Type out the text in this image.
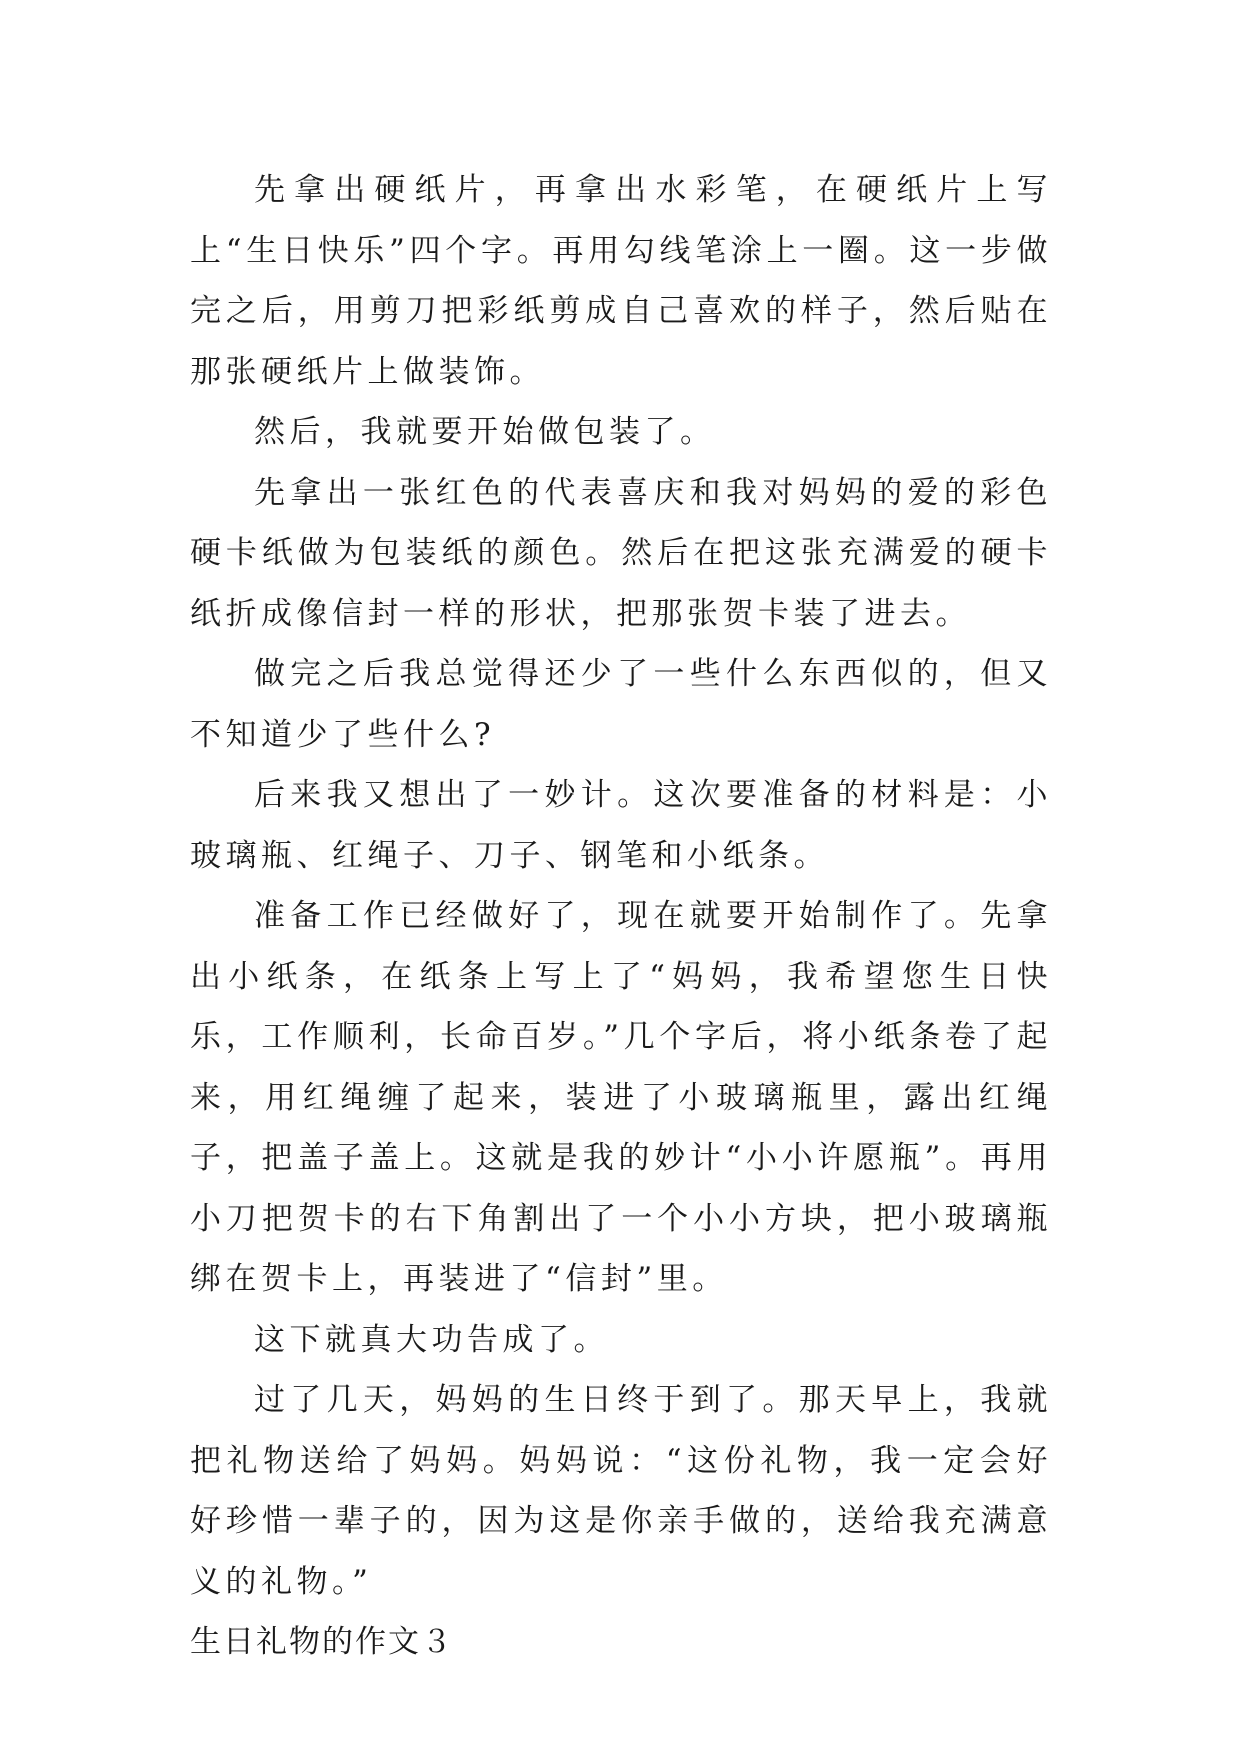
先拿出硬纸片，再拿出水彩笔，在硬纸片上写上“生日快乐”四个字。再用勾线笔涂上一圈。这一步做完之后，用剪刀把彩纸剪成自己喜欢的样子，然后贴在那张硬纸片上做装饰。

然后，我就要开始做包装了。

先拿出一张红色的代表喜庆和我对妈妈的爱的彩色硬卡纸做为包装纸的颜色。然后在把这张充满爱的硬卡纸折成像信封一样的形状，把那张贺卡装了进去。

做完之后我总觉得还少了一些什么东西似的，但又不知道少了些什么?

后来我又想出了一妙计。这次要准备的材料是：小玻璃瓶、红绳子、刀子、钢笔和小纸条。

准备工作已经做好了，现在就要开始制作了。先拿出小纸条，在纸条上写上了“妈妈，我希望您生日快乐，工作顺利，长命百岁。”几个字后，将小纸条卷了起来，用红绳缠了起来，装进了小玻璃瓶里，露出红绳子，把盖子盖上。这就是我的妙计“小小许愿瓶”。再用小刀把贺卡的右下角割出了一个小小方块，把小玻璃瓶绑在贺卡上，再装进了“信封”里。

这下就真大功告成了。

过了几天，妈妈的生日终于到了。那天早上，我就把礼物送给了妈妈。妈妈说：“这份礼物，我一定会好好珍惜一辈子的，因为这是你亲手做的，送给我充满意义的礼物。”

生日礼物的作文３
